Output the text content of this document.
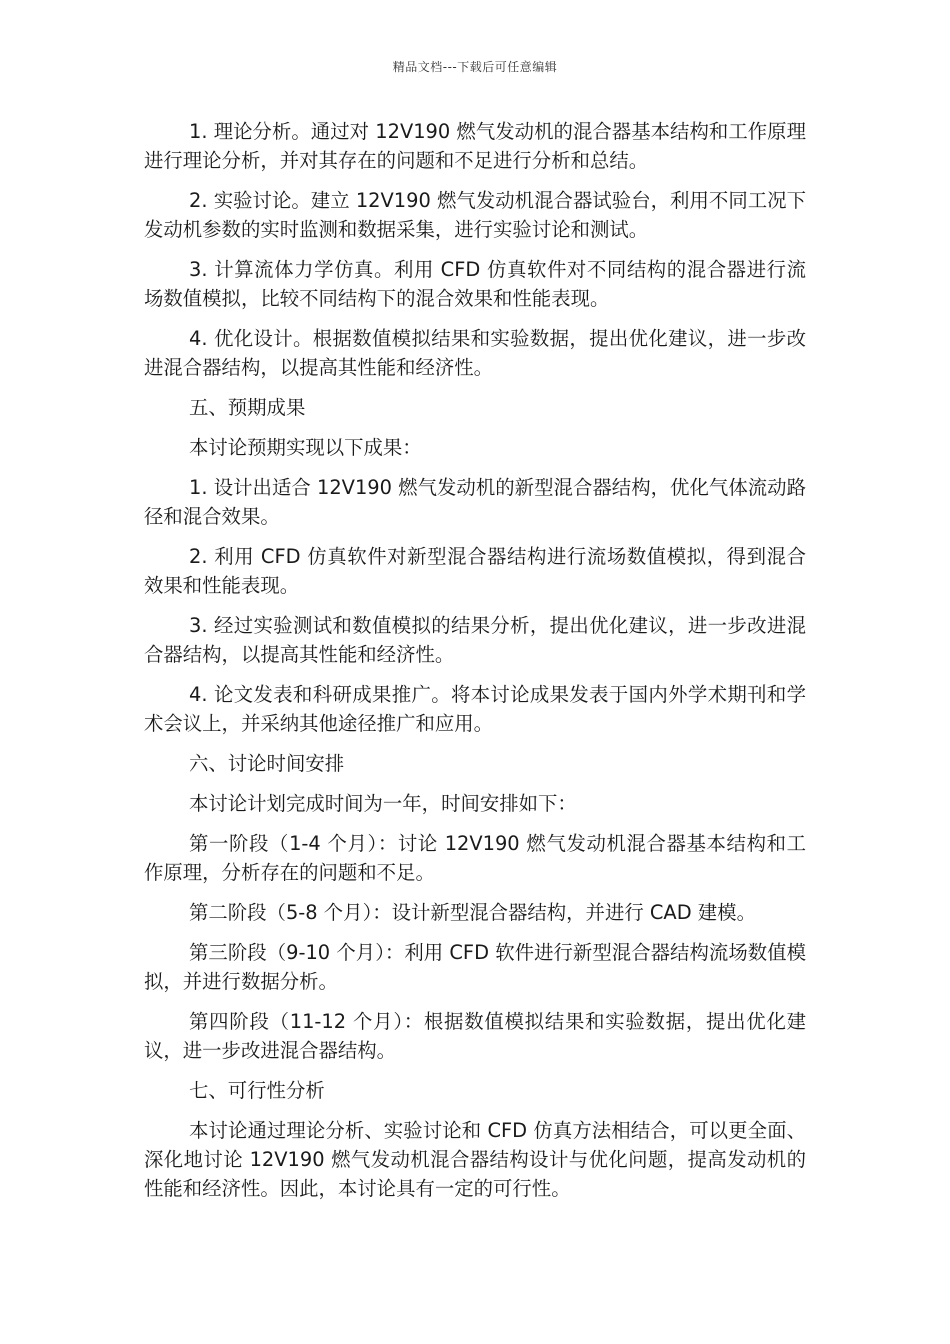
精品文档---下载后可任意编辑

1. 理论分析。通过对 12V190 燃气发动机的混合器基本结构和工作原理进行理论分析，并对其存在的问题和不足进行分析和总结。

2. 实验讨论。建立 12V190 燃气发动机混合器试验台，利用不同工况下发动机参数的实时监测和数据采集，进行实验讨论和测试。

3. 计算流体力学仿真。利用 CFD 仿真软件对不同结构的混合器进行流场数值模拟，比较不同结构下的混合效果和性能表现。

4. 优化设计。根据数值模拟结果和实验数据，提出优化建议，进一步改进混合器结构，以提高其性能和经济性。

五、预期成果

本讨论预期实现以下成果：

1. 设计出适合 12V190 燃气发动机的新型混合器结构，优化气体流动路径和混合效果。

2. 利用 CFD 仿真软件对新型混合器结构进行流场数值模拟，得到混合效果和性能表现。

3. 经过实验测试和数值模拟的结果分析，提出优化建议，进一步改进混合器结构，以提高其性能和经济性。

4. 论文发表和科研成果推广。将本讨论成果发表于国内外学术期刊和学术会议上，并采纳其他途径推广和应用。

六、讨论时间安排

本讨论计划完成时间为一年，时间安排如下：

第一阶段（1-4 个月）：讨论 12V190 燃气发动机混合器基本结构和工作原理，分析存在的问题和不足。

第二阶段（5-8 个月）：设计新型混合器结构，并进行 CAD 建模。

第三阶段（9-10 个月）：利用 CFD 软件进行新型混合器结构流场数值模拟，并进行数据分析。

第四阶段（11-12 个月）：根据数值模拟结果和实验数据，提出优化建议，进一步改进混合器结构。

七、可行性分析

本讨论通过理论分析、实验讨论和 CFD 仿真方法相结合，可以更全面、深化地讨论 12V190 燃气发动机混合器结构设计与优化问题，提高发动机的性能和经济性。因此，本讨论具有一定的可行性。
